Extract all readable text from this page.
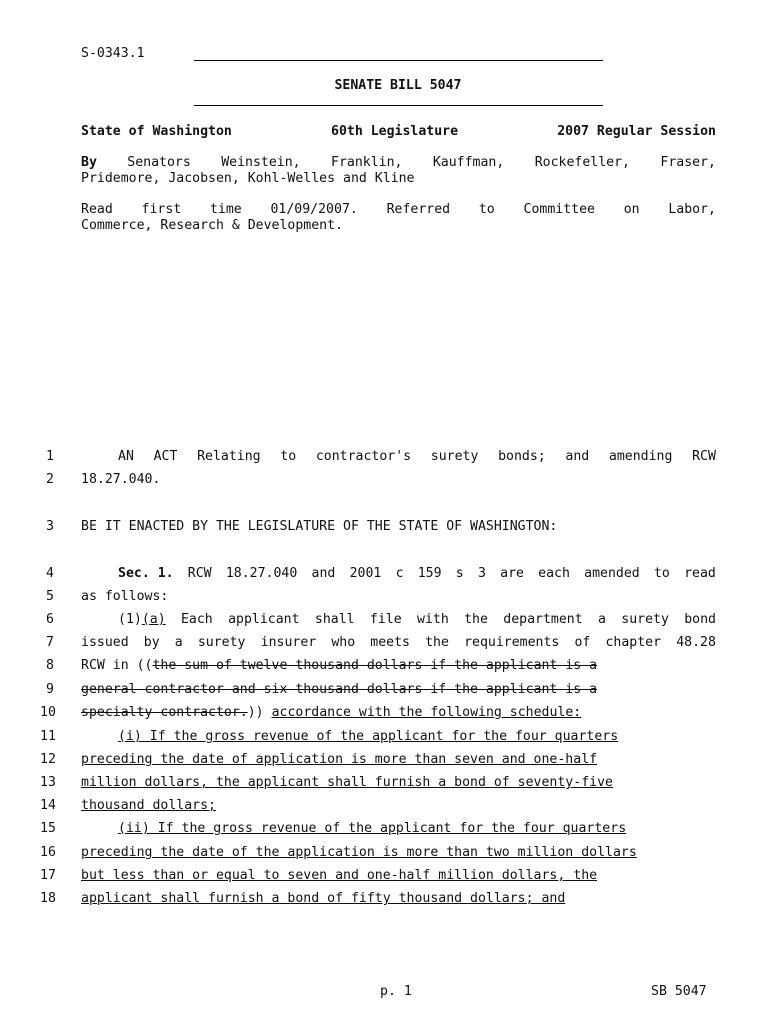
S-0343.1
SENATE BILL 5047
State of Washington	60th Legislature	2007 Regular Session
By Senators Weinstein, Franklin, Kauffman, Rockefeller, Fraser,
Pridemore, Jacobsen, Kohl-Welles and Kline
Read first time 01/09/2007. Referred to Committee on Labor,
Commerce, Research & Development.
1
2
3
4
5
6
7
8
9
10
11
12
13
14
15
16
17
18
AN ACT Relating to contractor's surety bonds; and amending RCW
18.27.040.
BE IT ENACTED BY THE LEGISLATURE OF THE STATE OF WASHINGTON:
Sec. 1. RCW 18.27.040 and 2001 c 159 s 3 are each amended to read
as follows:
(1)(a) Each applicant shall file with the department a surety bond
issued by a surety insurer who meets the requirements of chapter 48.28
RCW in ((the sum of twelve thousand dollars if the applicant is a
general contractor and six thousand dollars if the applicant is a
specialty contractor.)) accordance with the following schedule:
(i) If the gross revenue of the applicant for the four quarters
preceding the date of application is more than seven and one-half
million dollars, the applicant shall furnish a bond of seventy-five
thousand dollars;
(ii) If the gross revenue of the applicant for the four quarters
preceding the date of the application is more than two million dollars
but less than or equal to seven and one-half million dollars, the
applicant shall furnish a bond of fifty thousand dollars; and
p. 1	SB 5047
